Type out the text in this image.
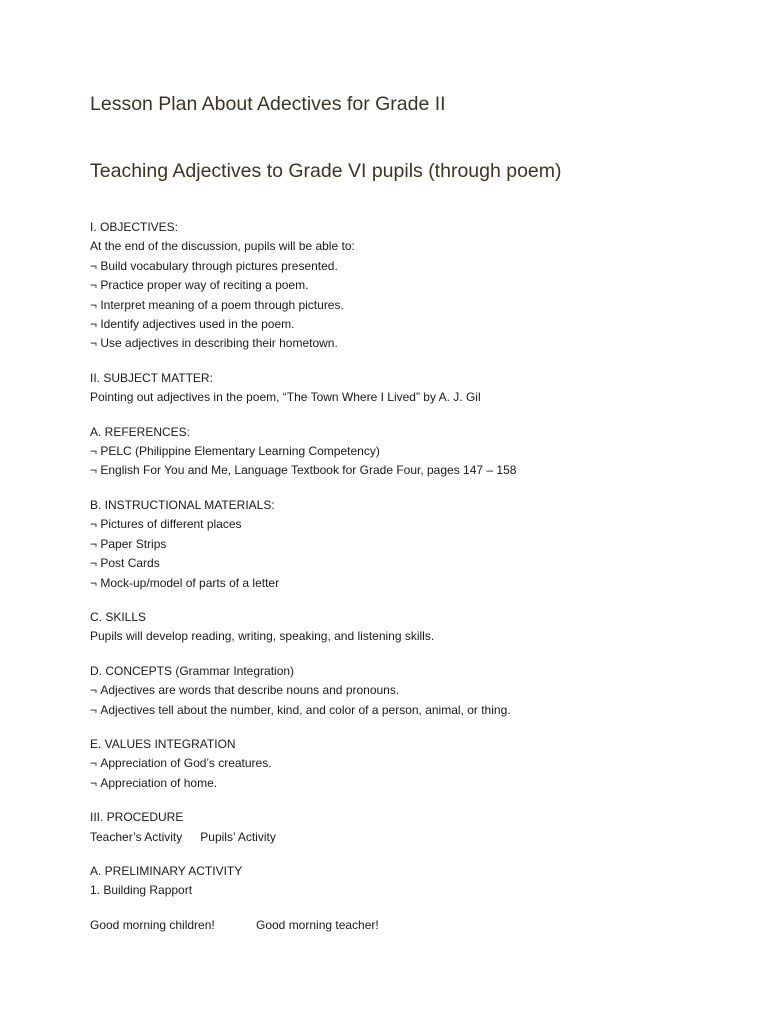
Lesson Plan About Adectives for Grade II
Teaching Adjectives to Grade VI pupils (through poem)
I. OBJECTIVES:
At the end of the discussion, pupils will be able to:
¬ Build vocabulary through pictures presented.
¬ Practice proper way of reciting a poem.
¬ Interpret meaning of a poem through pictures.
¬ Identify adjectives used in the poem.
¬ Use adjectives in describing their hometown.
II. SUBJECT MATTER:
Pointing out adjectives in the poem, “The Town Where I Lived” by A. J. Gil
A. REFERENCES:
¬ PELC (Philippine Elementary Learning Competency)
¬ English For You and Me, Language Textbook for Grade Four, pages 147 – 158
B. INSTRUCTIONAL MATERIALS:
¬ Pictures of different places
¬ Paper Strips
¬ Post Cards
¬ Mock-up/model of parts of a letter
C. SKILLS
Pupils will develop reading, writing, speaking, and listening skills.
D. CONCEPTS (Grammar Integration)
¬ Adjectives are words that describe nouns and pronouns.
¬ Adjectives tell about the number, kind, and color of a person, animal, or thing.
E. VALUES INTEGRATION
¬ Appreciation of God’s creatures.
¬ Appreciation of home.
III. PROCEDURE
Teacher’s Activity Pupils’ Activity
A. PRELIMINARY ACTIVITY
1. Building Rapport
Good morning children!	Good morning teacher!
